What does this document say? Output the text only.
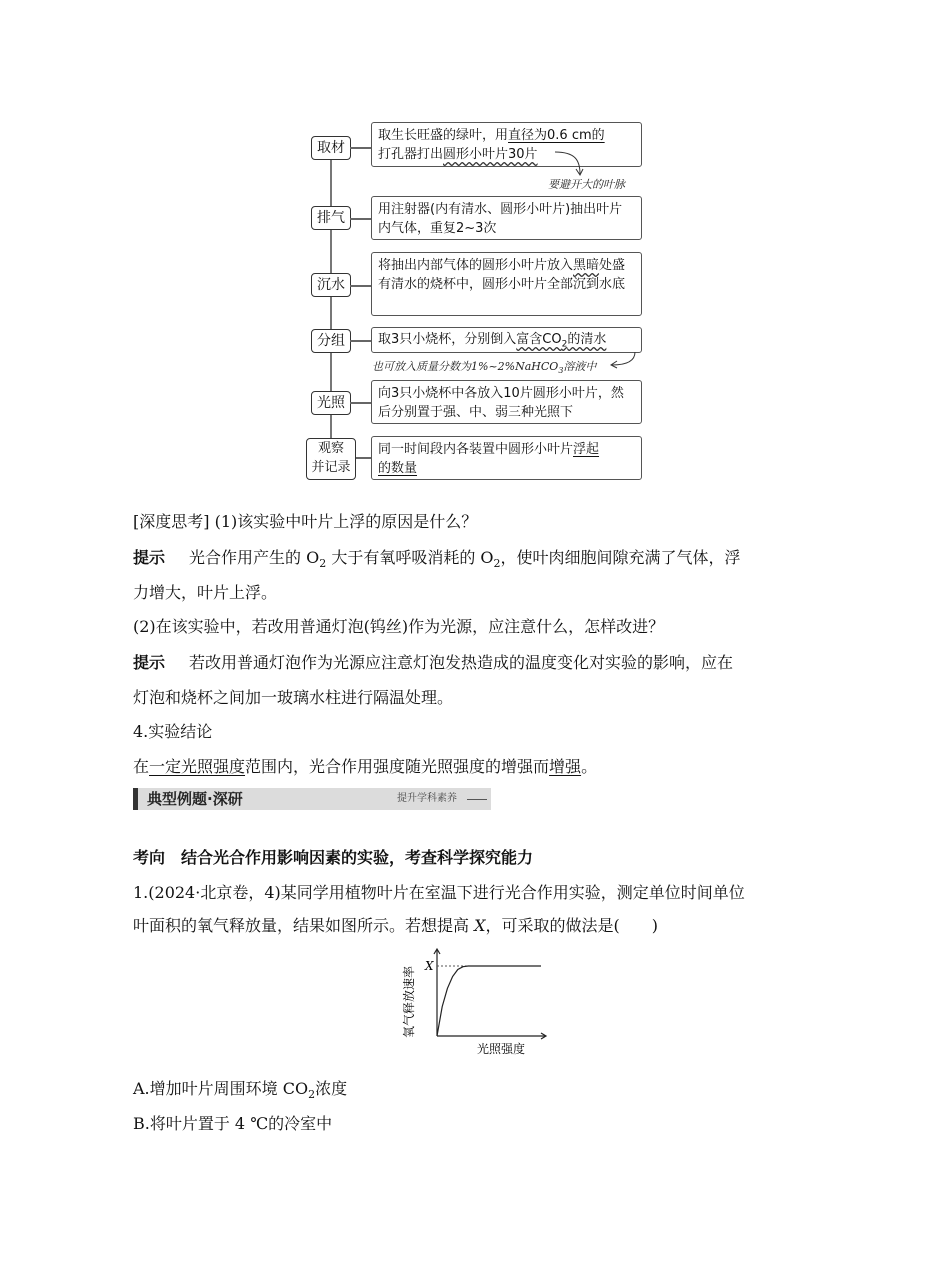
取材
取生长旺盛的绿叶，用直径为0.6 cm的
打孔器打出圆形小叶片30片
要避开大的叶脉
排气
用注射器(内有清水、圆形小叶片)抽出叶片内气体，重复2~3次
沉水
将抽出内部气体的圆形小叶片放入黑暗处盛有清水的烧杯中，圆形小叶片全部沉到水底
分组	取3只小烧杯，分别倒入富含$CO_2$的清水
也可放入质量分数为1%~2%NaHCO$_3$溶液中
光照
向3只小烧杯中各放入10片圆形小叶片，然后分别置于强、中、弱三种光照下
观察
并记录
同一时间段内各装置中圆形小叶片浮起
的数量
[深度思考] (1)该实验中叶片上浮的原因是什么？
提示 光合作用产生的 $O_2$ 大于有氧呼吸消耗的 $O_2$，使叶肉细胞间隙充满了气体，浮
力增大，叶片上浮。
(2)在该实验中，若改用普通灯泡(钨丝)作为光源，应注意什么，怎样改进？
提示 若改用普通灯泡作为光源应注意灯泡发热造成的温度变化对实验的影响，应在
灯泡和烧杯之间加一玻璃水柱进行隔温处理。
4.实验结论
在一定光照强度范围内，光合作用强度随光照强度的增强而增强。
典型例题·深研	提升学科素养
考向　结合光合作用影响因素的实验，考查科学探究能力
1.(2024·北京卷，4)某同学用植物叶片在室温下进行光合作用实验，测定单位时间单位
叶面积的氧气释放量，结果如图所示。若想提高 X，可采取的做法是(　　)
X
光照强度
氧气释放速率
A.增加叶片周围环境 $CO_2$浓度
B.将叶片置于 4 ℃的冷室中
